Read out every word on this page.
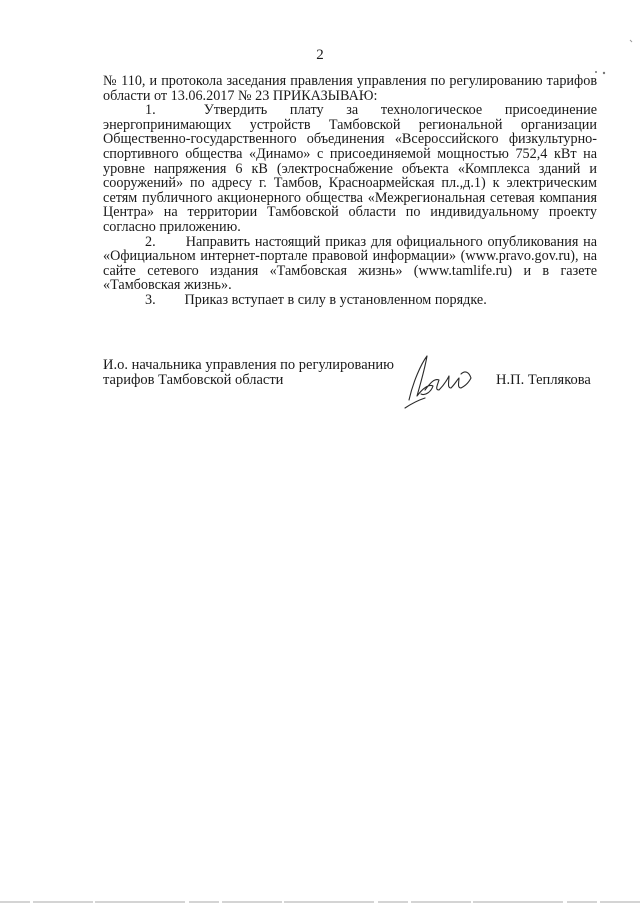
2

№ 110, и протокола заседания правления управления по регулированию тарифов области от 13.06.2017 № 23 ПРИКАЗЫВАЮ:

1.	Утвердить плату за технологическое присоединение энергопринимающих устройств Тамбовской региональной организации Общественно-государственного объединения «Всероссийского физкультурно- спортивного общества «Динамо» с присоединяемой мощностью 752,4 кВт на уровне напряжения 6 кВ (электроснабжение объекта «Комплекса зданий и сооружений» по адресу г. Тамбов, Красноармейская пл.,д.1) к электрическим сетям публичного акционерного общества «Межрегиональная сетевая компания Центра» на территории Тамбовской области по индивидуальному проекту согласно приложению.

2. Направить настоящий приказ для официального опубликования на «Официальном интернет-портале правовой информации» (www.pravo.gov.ru), на сайте сетевого издания «Тамбовская жизнь» (www.tamlife.ru) и в газете «Тамбовская жизнь».

3. Приказ вступает в силу в установленном порядке.

И.о. начальника управления по регулированию
тарифов Тамбовской области	Н.П. Теплякова
